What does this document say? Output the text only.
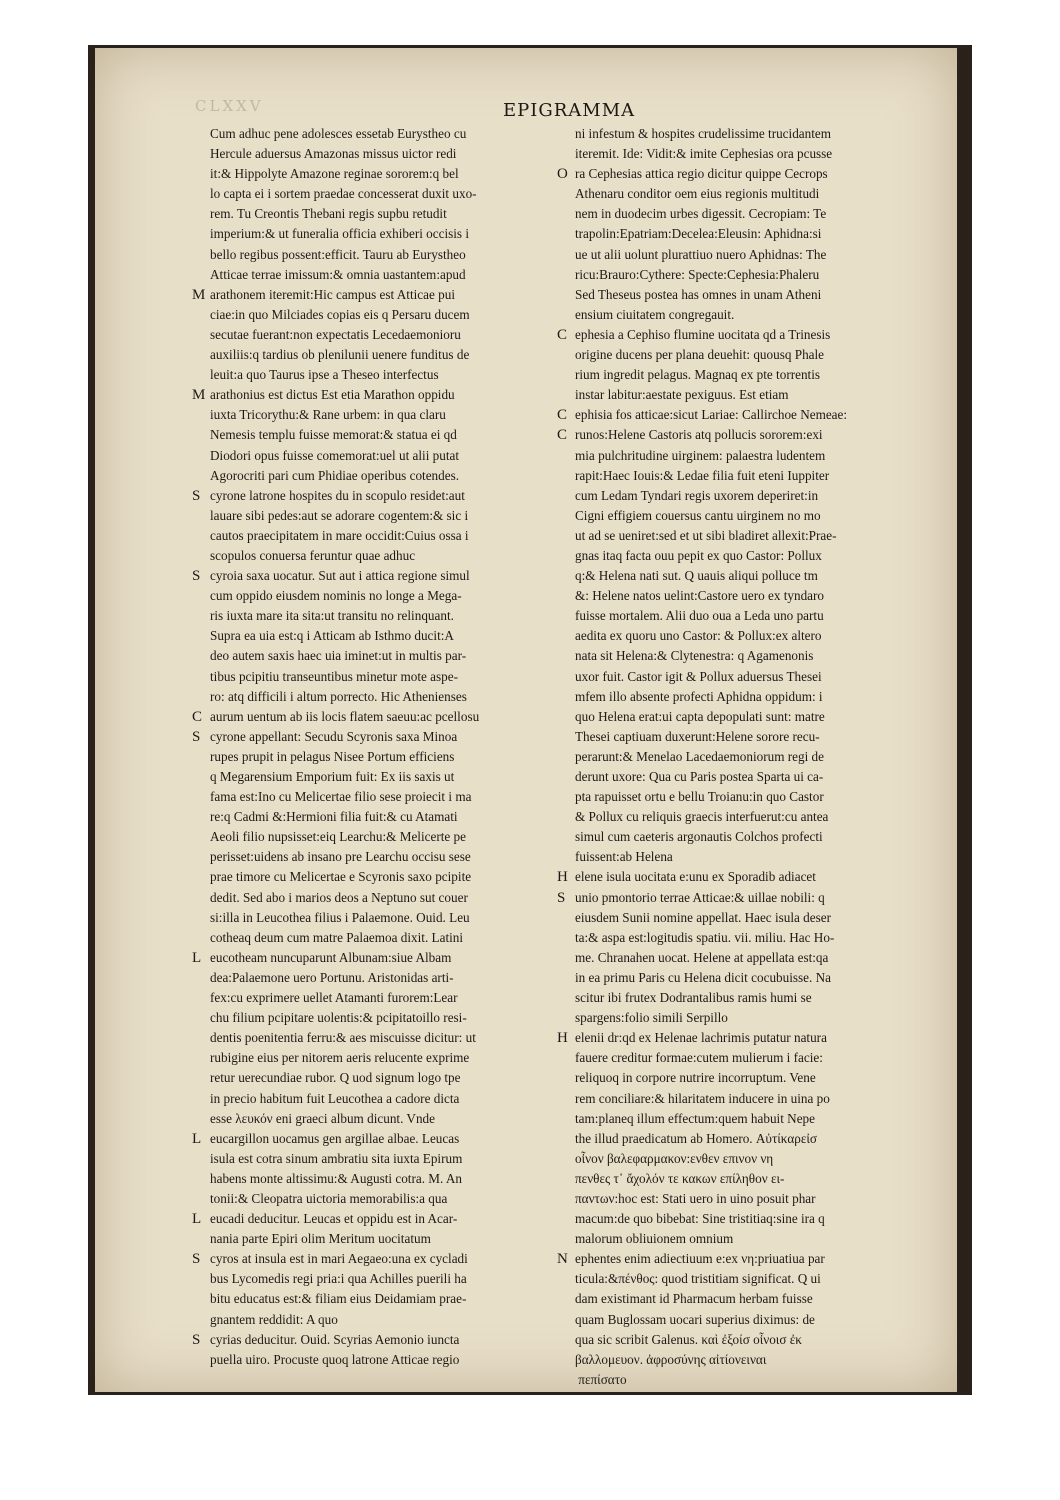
CLXXV	EPIGRAMMA
Cum adhuc pene adolesces essetab Eurystheo cu
Hercule aduersus Amazonas missus uictor redi
it:& Hippolyte Amazone reginae sororem:q bel
lo capta ei i sortem praedae concesserat duxit uxo-
rem. Tu Creontis Thebani regis supbu retudit
imperium:& ut funeralia officia exhiberi occisis i
bello regibus possent:efficit. Tauru ab Eurystheo
Atticae terrae imissum:& omnia uastantem:apud
M arathonem iteremit:Hic campus est Atticae pui
ciae:in quo Milciades copias eis q Persaru ducem
secutae fuerant:non expectatis Lecedaemonioru
auxiliis:q tardius ob plenilunii uenere funditus de
leuit:a quo Taurus ipse a Theseo interfectus
M arathonius est dictus Est etia Marathon oppidu
iuxta Tricorythu:& Rane urbem: in qua claru
Nemesis templu fuisse memorat:& statua ei qd
Diodori opus fuisse comemorat:uel ut alii putat
Agorocriti pari cum Phidiae operibus cotendes.
S cyrone latrone hospites du in scopulo residet:aut
lauare sibi pedes:aut se adorare cogentem:& sic i
cautos praecipitatem in mare occidit:Cuius ossa i
scopulos conuersa feruntur quae adhuc
S cyroia saxa uocatur. Sut aut i attica regione simul
cum oppido eiusdem nominis no longe a Mega-
ris iuxta mare ita sita:ut transitu no relinquant.
Supra ea uia est:q i Atticam ab Isthmo ducit:A
deo autem saxis haec uia iminet:ut in multis par-
tibus pcipitiu transeuntibus minetur mote aspe-
ro: atq difficili i altum porrecto. Hic Athenienses
C aurum uentum ab iis locis flatem saeuu:ac pcellosu
S cyrone appellant: Secudu Scyronis saxa Minoa
rupes prupit in pelagus Nisee Portum efficiens
q Megarensium Emporium fuit: Ex iis saxis ut
fama est:Ino cu Melicertae filio sese proiecit i ma
re:q Cadmi &:Hermioni filia fuit:& cu Atamati
Aeoli filio nupsisset:eiq Learchu:& Melicerte pe
perisset:uidens ab insano pre Learchu occisu sese
prae timore cu Melicertae e Scyronis saxo pcipite
dedit. Sed abo i marios deos a Neptuno sut couer
si:illa in Leucothea filius i Palaemone. Ouid. Leu
cotheaq deum cum matre Palaemoa dixit. Latini
L eucotheam nuncuparunt Albunam:siue Albam
dea:Palaemone uero Portunu. Aristonidas arti-
fex:cu exprimere uellet Atamanti furorem:Lear
chu filium pcipitare uolentis:& pcipitatoillo resi-
dentis poenitentia ferru:& aes miscuisse dicitur: ut
rubigine eius per nitorem aeris relucente exprime
retur uerecundiae rubor. Q uod signum logo tpe
in precio habitum fuit Leucothea a cadore dicta
esse λευκόν eni graeci album dicunt. Vnde
L eucargillon uocamus gen argillae albae. Leucas
isula est cotra sinum ambratiu sita iuxta Epirum
habens monte altissimu:& Augusti cotra. M. An
tonii:& Cleopatra uictoria memorabilis:a qua
L eucadi deducitur. Leucas et oppidu est in Acar-
nania parte Epiri olim Meritum uocitatum
S cyros at insula est in mari Aegaeo:una ex cycladi
bus Lycomedis regi pria:i qua Achilles puerili ha
bitu educatus est:& filiam eius Deidamiam prae-
gnantem reddidit: A quo
S cyrias deducitur. Ouid. Scyrias Aemonio iuncta
puella uiro. Procuste quoq latrone Atticae regio
ni infestum & hospites crudelissime trucidantem
iteremit. Ide: Vidit:& imite Cephesias ora pcusse
O ra Cephesias attica regio dicitur quippe Cecrops
Athenaru conditor oem eius regionis multitudi
nem in duodecim urbes digessit. Cecropiam: Te
trapolin:Epatriam:Decelea:Eleusin: Aphidna:si
ue ut alii uolunt plurattiuo nuero Aphidnas: The
ricu:Brauro:Cythere: Specte:Cephesia:Phaleru
Sed Theseus postea has omnes in unam Atheni
ensium ciuitatem congregauit.
C ephesia a Cephiso flumine uocitata qd a Trinesis
origine ducens per plana deuehit: quousq Phale
rium ingredit pelagus. Magnaq ex pte torrentis
instar labitur:aestate pexiguus. Est etiam
C ephisia fos atticae:sicut Lariae: Callirchoe Nemeae:
C runos:Helene Castoris atq pollucis sororem:exi
mia pulchritudine uirginem: palaestra ludentem
rapit:Haec Iouis:& Ledae filia fuit eteni Iuppiter
cum Ledam Tyndari regis uxorem deperiret:in
Cigni effigiem couersus cantu uirginem no mo
ut ad se ueniret:sed et ut sibi bladiret allexit:Prae-
gnas itaq facta ouu pepit ex quo Castor: Pollux
q:& Helena nati sut. Q uauis aliqui polluce tm
&: Helene natos uelint:Castore uero ex tyndaro
fuisse mortalem. Alii duo oua a Leda uno partu
aedita ex quoru uno Castor: & Pollux:ex altero
nata sit Helena:& Clytenestra: q Agamenonis
uxor fuit. Castor igit & Pollux aduersus Thesei
mfem illo absente profecti Aphidna oppidum: i
quo Helena erat:ui capta depopulati sunt: matre
Thesei captiuam duxerunt:Helene sorore recu-
perarunt:& Menelao Lacedaemoniorum regi de
derunt uxore: Qua cu Paris postea Sparta ui ca-
pta rapuisset ortu e bellu Troianu:in quo Castor
& Pollux cu reliquis graecis interfuerut:cu antea
simul cum caeteris argonautis Colchos profecti
fuissent:ab Helena
H elene isula uocitata e:unu ex Sporadib adiacet
S unio pmontorio terrae Atticae:& uillae nobili: q
eiusdem Sunii nomine appellat. Haec isula deser
ta:& aspa est:logitudis spatiu. vii. miliu. Hac Ho-
me. Chranahen uocat. Helene at appellata est:qa
in ea primu Paris cu Helena dicit cocubuisse. Na
scitur ibi frutex Dodrantalibus ramis humi se
spargens:folio simili Serpillo
H elenii dr:qd ex Helenae lachrimis putatur natura
fauere creditur formae:cutem mulierum i facie:
reliquoq in corpore nutrire incorruptum. Vene
rem conciliare:& hilaritatem inducere in uina po
tam:planeq illum effectum:quem habuit Nepe
the illud praedicatum ab Homero. Αὐτίκαρεἰσ
οἶνον βαλεφαρμακον:ενθεν επινον νη
πενθες τ᾽ ἄχολόν τε κακων επίληθον ει-
παντων:hoc est: Stati uero in uino posuit phar
macum:de quo bibebat: Sine tristitiaq:sine ira q
malorum obliuionem omnium
N ephentes enim adiectiuum e:ex νη:priuatiua par
ticula:&πένθος: quod tristitiam significat. Q ui
dam existimant id Pharmacum herbam fuisse
quam Buglossam uocari superius diximus: de
qua sic scribit Galenus. καὶ ἐξοίσ οἶνοισ ἐκ
βαλλομευον. ἀφροσύνης αἰτίονειναι
πεπίσατο
